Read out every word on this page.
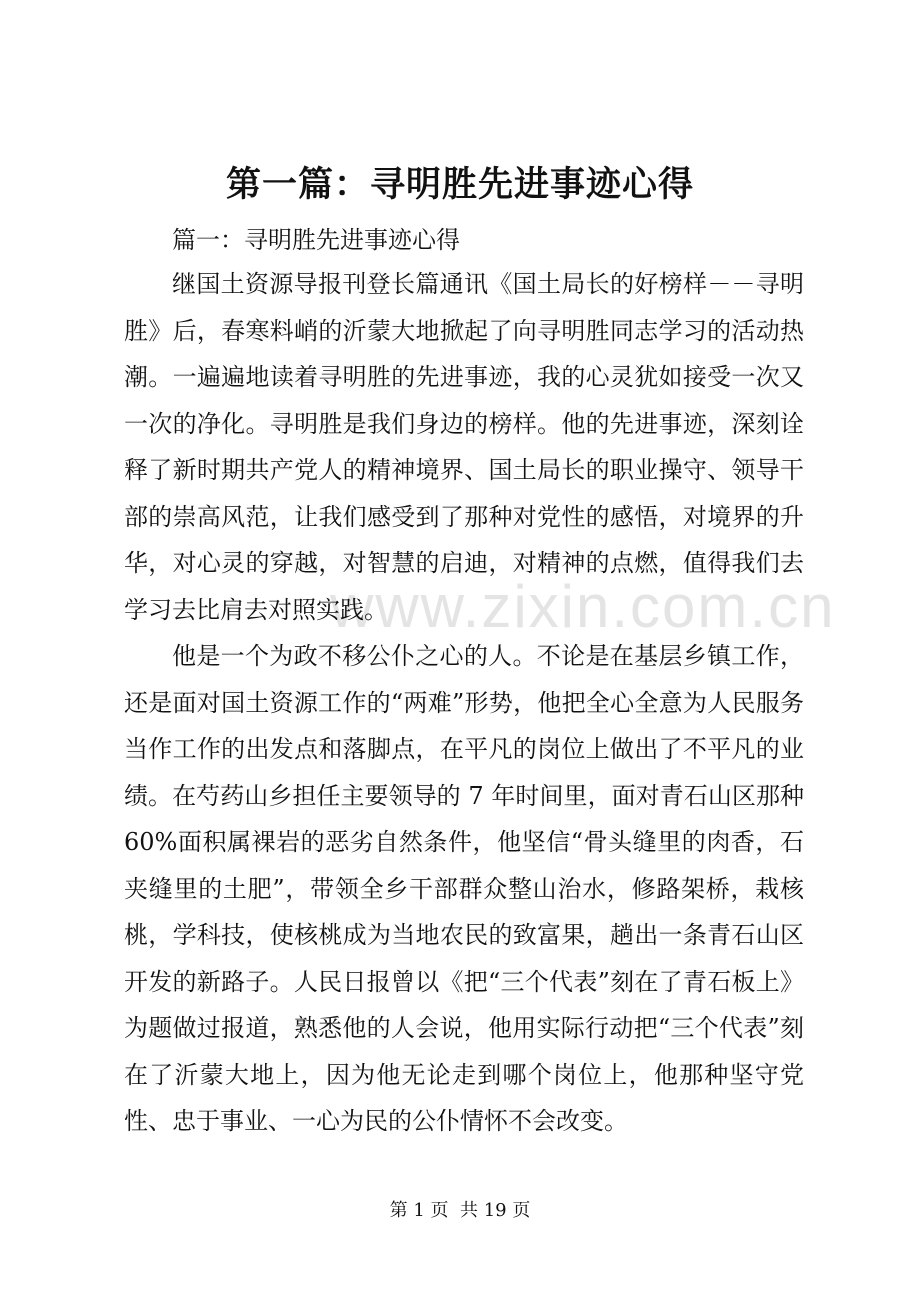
www.zixin.com.cn
第一篇：寻明胜先进事迹心得
篇一：寻明胜先进事迹心得

继国土资源导报刊登长篇通讯《国土局长的好榜样－－寻明胜》后，春寒料峭的沂蒙大地掀起了向寻明胜同志学习的活动热潮。一遍遍地读着寻明胜的先进事迹，我的心灵犹如接受一次又一次的净化。寻明胜是我们身边的榜样。他的先进事迹，深刻诠释了新时期共产党人的精神境界、国土局长的职业操守、领导干部的崇高风范，让我们感受到了那种对党性的感悟，对境界的升华，对心灵的穿越，对智慧的启迪，对精神的点燃，值得我们去学习去比肩去对照实践。

他是一个为政不移公仆之心的人。不论是在基层乡镇工作，还是面对国土资源工作的“两难”形势，他把全心全意为人民服务当作工作的出发点和落脚点，在平凡的岗位上做出了不平凡的业绩。在芍药山乡担任主要领导的 7 年时间里，面对青石山区那种 60%面积属裸岩的恶劣自然条件，他坚信“骨头缝里的肉香，石夹缝里的土肥”，带领全乡干部群众整山治水，修路架桥，栽核桃，学科技，使核桃成为当地农民的致富果，趟出一条青石山区开发的新路子。人民日报曾以《把“三个代表”刻在了青石板上》为题做过报道，熟悉他的人会说，他用实际行动把“三个代表”刻在了沂蒙大地上，因为他无论走到哪个岗位上，他那种坚守党性、忠于事业、一心为民的公仆情怀不会改变。

第 1 页  共 19 页
